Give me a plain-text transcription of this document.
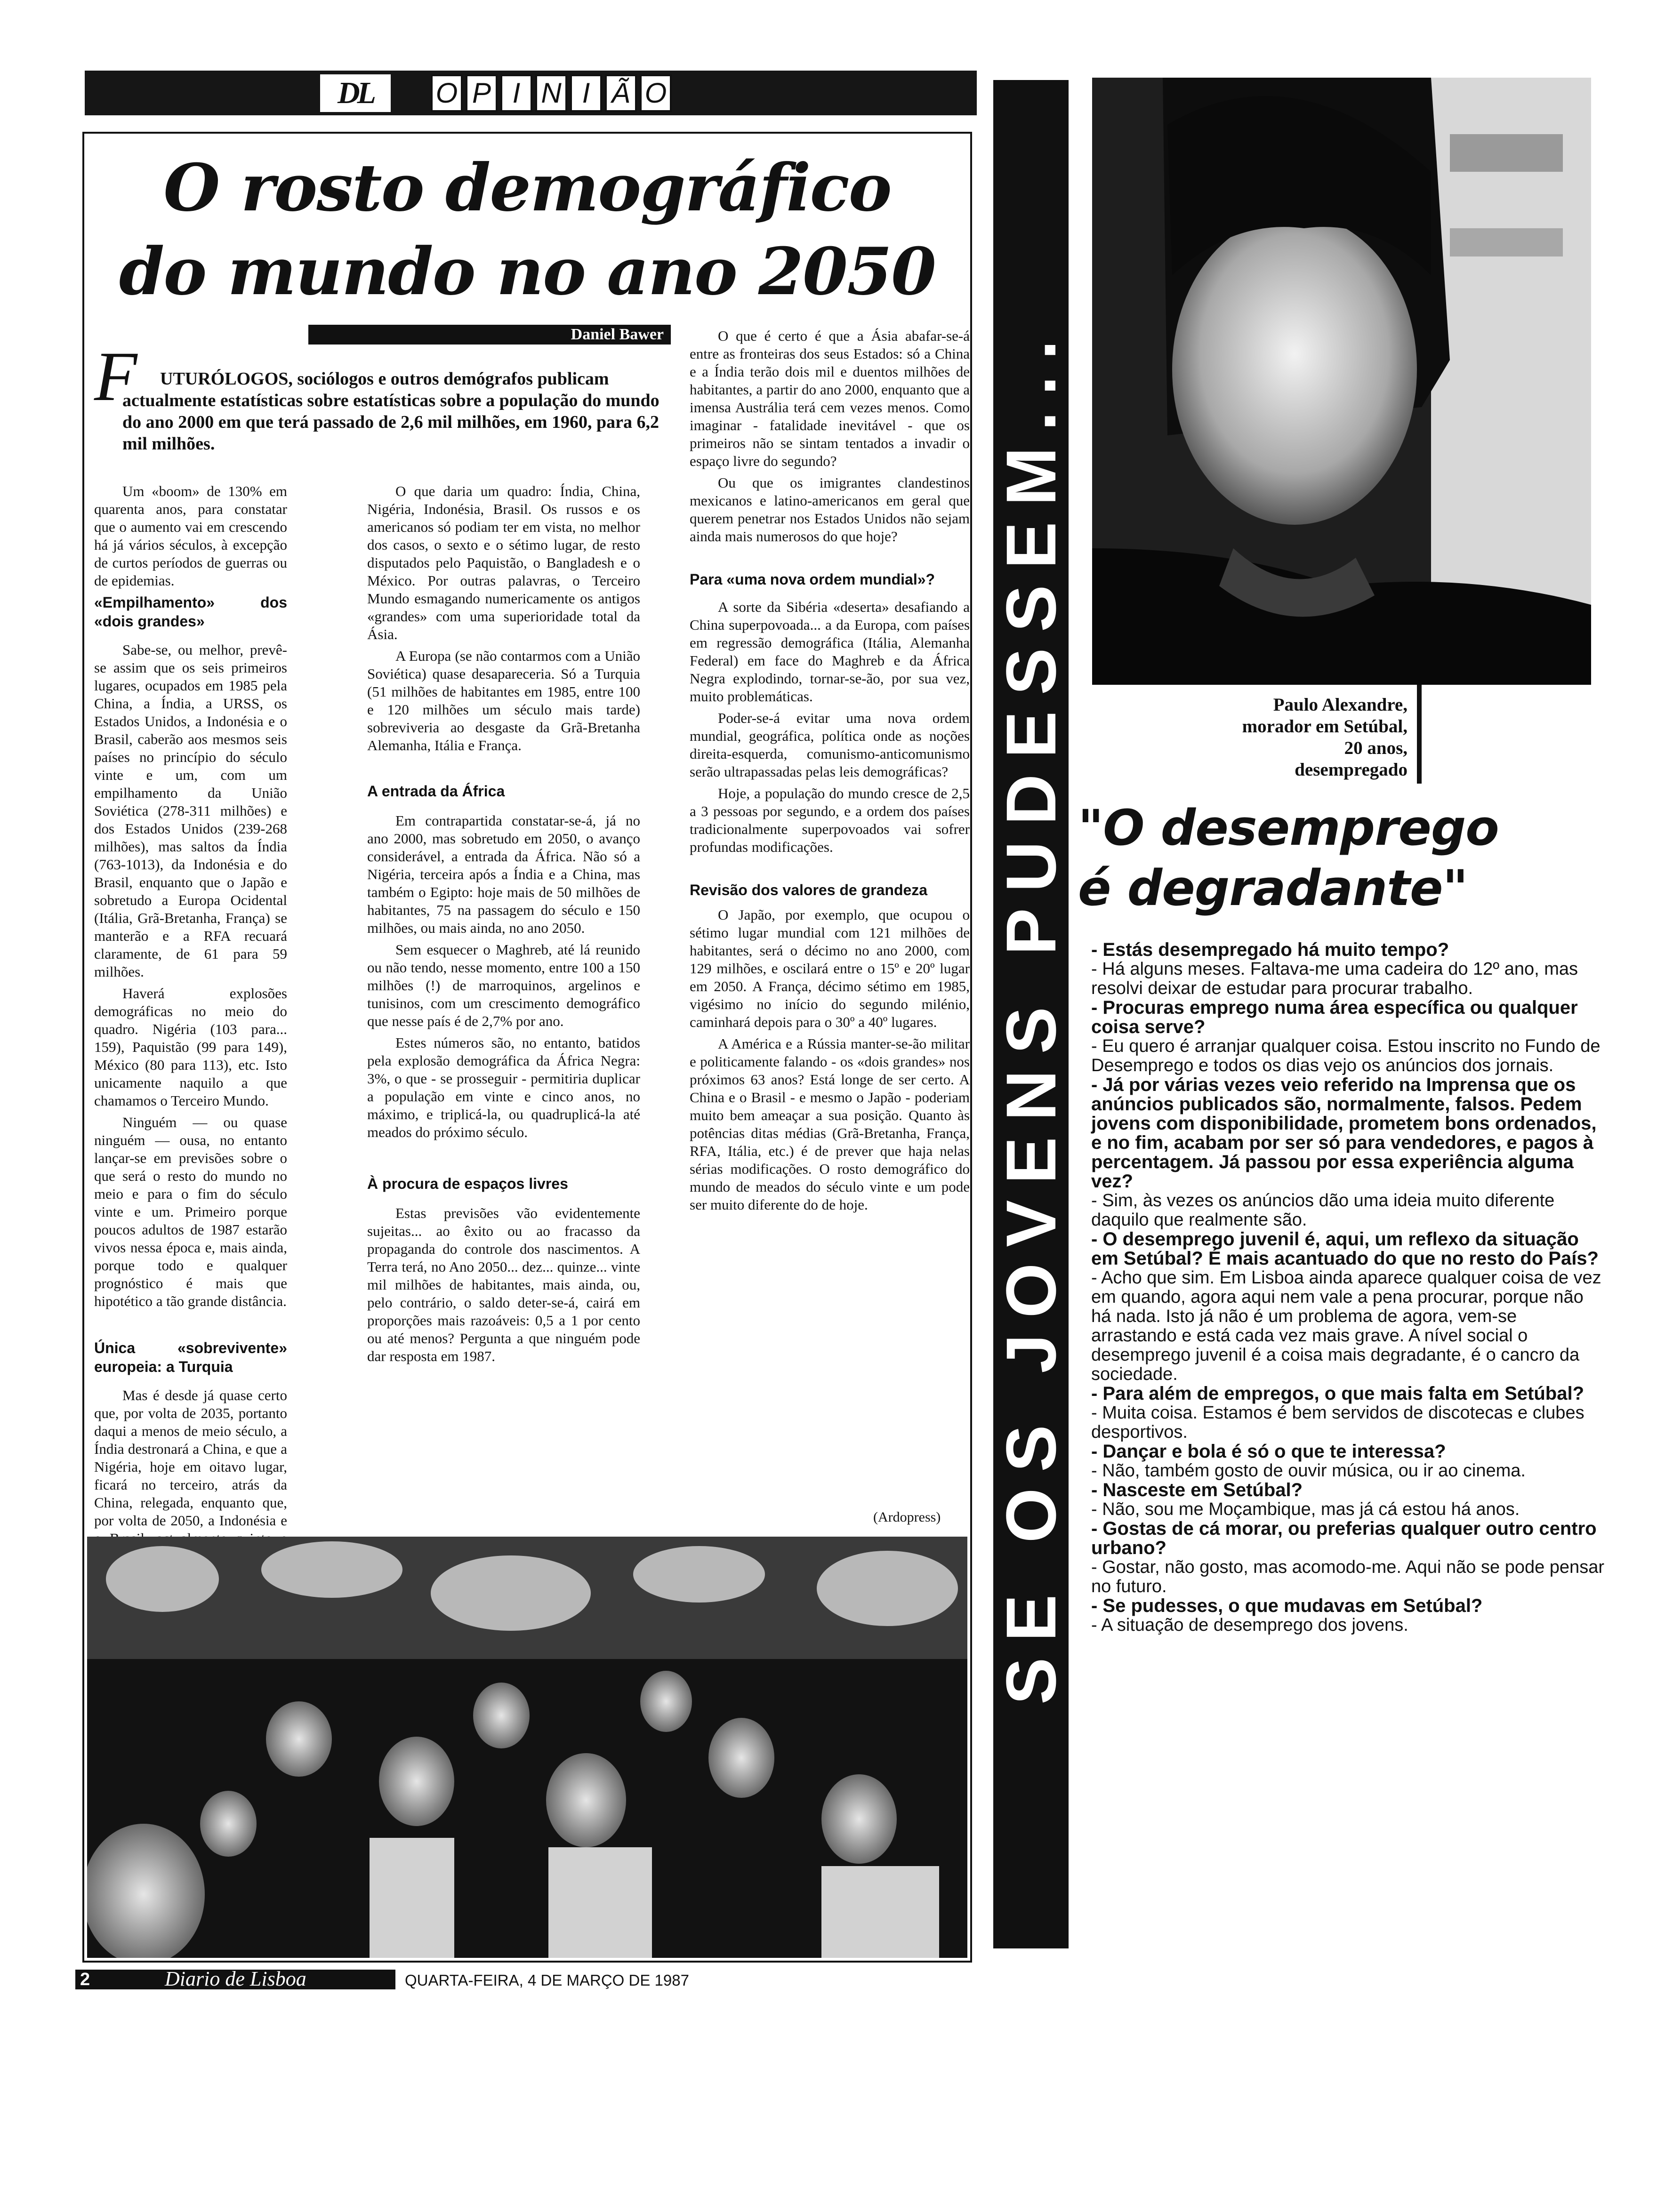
DL	O P I N I Ã O
O rosto demográfico
do mundo no ano 2050
Daniel Bawer
F	UTURÓLOGOS, sociólogos e outros demógrafos publicam actualmente estatísticas sobre estatísticas sobre a população do mundo do ano 2000 em que terá passado de 2,6 mil milhões, em 1960, para 6,2 mil milhões.

Um «boom» de 130% em quarenta anos, para constatar que o aumento vai em crescendo há já vários séculos, à excepção de curtos períodos de guerras ou de epidemias.

«Empilhamento» dos «dois grandes»

Sabe-se, ou melhor, prevê-se assim que os seis primeiros lugares, ocupados em 1985 pela China, a Índia, a URSS, os Estados Unidos, a Indonésia e o Brasil, caberão aos mesmos seis países no princípio do século vinte e um, com um empilhamento da União Soviética (278-311 milhões) e dos Estados Unidos (239-268 milhões), mas saltos da Índia (763-1013), da Indonésia e do Brasil, enquanto que o Japão e sobretudo a Europa Ocidental (Itália, Grã-Bretanha, França) se manterão e a RFA recuará claramente, de 61 para 59 milhões.

Haverá explosões demográficas no meio do quadro. Nigéria (103 para... 159), Paquistão (99 para 149), México (80 para 113), etc. Isto unicamente naquilo a que chamamos o Terceiro Mundo.

Ninguém — ou quase ninguém — ousa, no entanto lançar-se em previsões sobre o que será o resto do mundo no meio e para o fim do século vinte e um. Primeiro porque poucos adultos de 1987 estarão vivos nessa época e, mais ainda, porque todo e qualquer prognóstico é mais que hipotético a tão grande distância.

Única «sobrevivente» europeia: a Turquia

Mas é desde já quase certo que, por volta de 2035, portanto daqui a menos de meio século, a Índia destronará a China, e que a Nigéria, hoje em oitavo lugar, ficará no terceiro, atrás da China, relegada, enquanto que, por volta de 2050, a Indonésia e

O que daria um quadro: Índia, China, Nigéria, Indonésia, Brasil. Os russos e os americanos só podiam ter em vista, no melhor dos casos, o sexto e o sétimo lugar, de resto disputados pelo Paquistão, o Bangladesh e o México. Por outras palavras, o Terceiro Mundo esmagando numericamente os antigos «grandes» com uma superioridade total da Ásia.

A Europa (se não contarmos com a União Soviética) quase desapareceria. Só a Turquia (51 milhões de habitantes em 1985, entre 100 e 120 milhões um século mais tarde) sobreviveria ao desgaste da Grã-Bretanha Alemanha, Itália e França.

A entrada da África

Em contrapartida constatar-se-á, já no ano 2000, mas sobretudo em 2050, o avanço considerável, a entrada da África. Não só a Nigéria, terceira após a Índia e a China, mas também o Egipto: hoje mais de 50 milhões de habitantes, 75 na passagem do século e 150 milhões, ou mais ainda, no ano 2050.

Sem esquecer o Maghreb, até lá reunido ou não tendo, nesse momento, entre 100 a 150 milhões (!) de marroquinos, argelinos e tunisinos, com um crescimento demográfico que nesse país é de 2,7% por ano.

Estes números são, no entanto, batidos pela explosão demográfica da África Negra: 3%, o que - se prosseguir - permitiria duplicar a população em vinte e cinco anos, no máximo, e triplicá-la, ou quadruplicá-la até meados do próximo século.

À procura de espaços livres

Estas previsões vão evidentemente sujeitas... ao êxito ou ao fracasso da propaganda do controle dos nascimentos. A Terra terá, no Ano 2050... dez... quinze... vinte mil milhões de habitantes, mais ainda, ou, pelo contrário, o saldo deter-se-á, cairá em proporções mais razoáveis: 0,5 a 1 por cento ou até menos? Pergunta a que ninguém pode dar resposta em 1987.

O que é certo é que a Ásia abafar-se-á entre as fronteiras dos seus Estados: só a China e a Índia terão dois mil e duentos milhões de habitantes, a partir do ano 2000, enquanto que a imensa Austrália terá cem vezes menos. Como imaginar - fatalidade inevitável - que os primeiros não se sintam tentados a invadir o espaço livre do segundo?

Ou que os imigrantes clandestinos mexicanos e latino-americanos em geral que querem penetrar nos Estados Unidos não sejam ainda mais numerosos do que hoje?

Para «uma nova ordem mundial»?

A sorte da Sibéria «deserta» desafiando a China superpovoada... a da Europa, com países em regressão demográfica (Itália, Alemanha Federal) em face do Maghreb e da África Negra explodindo, tornar-se-ão, por sua vez, muito problemáticas.

Poder-se-á evitar uma nova ordem mundial, geográfica, política onde as noções direita-esquerda, comunismo-anticomunismo serão ultrapassadas pelas leis demográficas?

Hoje, a população do mundo cresce de 2,5 a 3 pessoas por segundo, e a ordem dos países tradicionalmente superpovoados vai sofrer profundas modificações.

Revisão dos valores de grandeza

O Japão, por exemplo, que ocupou o sétimo lugar mundial com 121 milhões de habitantes, será o décimo no ano 2000, com 129 milhões, e oscilará entre o 15º e 20º lugar em 2050. A França, décimo sétimo em 1985, vigésimo no início do segundo milénio, caminhará depois para o 30º a 40º lugares.

A América e a Rússia manter-se-ão militar e politicamente falando - os «dois grandes» nos próximos 63 anos? Está longe de ser certo. A China e o Brasil - e mesmo o Japão - poderiam muito bem ameaçar a sua posição. Quanto às potências ditas médias (Grã-Bretanha, França, RFA, Itália, etc.) é de prever que haja nelas sérias modificações. O rosto demográfico do mundo de meados do século vinte e um pode ser muito diferente do de hoje.

(Ardopress)
2	Diario de Lisboa	QUARTA-FEIRA, 4 DE MARÇO DE 1987
SE OS JOVENS PUDESSEM...	Paulo Alexandre,
morador em Setúbal,
20 anos,
desempregado
"O desemprego
é degradante"
- Estás desempregado há muito tempo?
- Há alguns meses. Faltava-me uma cadeira do 12º ano, mas resolvi deixar de estudar para procurar trabalho.
- Procuras emprego numa área específica ou qualquer coisa serve?
- Eu quero é arranjar qualquer coisa. Estou inscrito no Fundo de Desemprego e todos os dias vejo os anúncios dos jornais.
- Já por várias vezes veio referido na Imprensa que os anúncios publicados são, normalmente, falsos. Pedem jovens com disponibilidade, prometem bons ordenados, e no fim, acabam por ser só para vendedores, e pagos à percentagem. Já passou por essa experiência alguma vez?
- Sim, às vezes os anúncios dão uma ideia muito diferente daquilo que realmente são.
- O desemprego juvenil é, aqui, um reflexo da situação em Setúbal? É mais acantuado do que no resto do País?
- Acho que sim. Em Lisboa ainda aparece qualquer coisa de vez em quando, agora aqui nem vale a pena procurar, porque não há nada. Isto já não é um problema de agora, vem-se arrastando e está cada vez mais grave. A nível social o desemprego juvenil é a coisa mais degradante, é o cancro da sociedade.
- Para além de empregos, o que mais falta em Setúbal?
- Muita coisa. Estamos é bem servidos de discotecas e clubes desportivos.
- Dançar e bola é só o que te interessa?
- Não, também gosto de ouvir música, ou ir ao cinema.
- Nasceste em Setúbal?
- Não, sou me Moçambique, mas já cá estou há anos.
- Gostas de cá morar, ou preferias qualquer outro centro urbano?
- Gostar, não gosto, mas acomodo-me. Aqui não se pode pensar no futuro.
- Se pudesses, o que mudavas em Setúbal?
- A situação de desemprego dos jovens.
